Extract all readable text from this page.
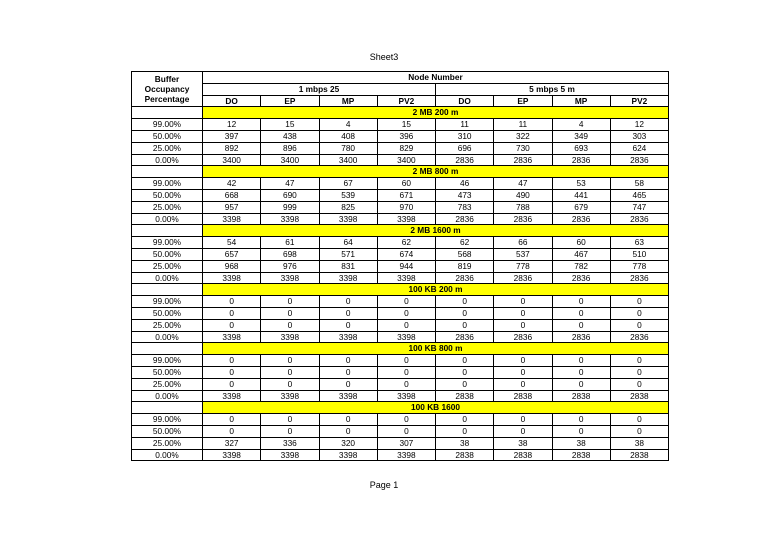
Sheet3
Buffer Occupancy Percentage	Node Number							
	1 mbps 25				5 mbps 5 m			
	DO	EP	MP	PV2	DO	EP	MP	PV2
	2 MB 200 m							
99.00%	12	15	4	15	11	11	4	12
50.00%	397	438	408	396	310	322	349	303
25.00%	892	896	780	829	696	730	693	624
0.00%	3400	3400	3400	3400	2836	2836	2836	2836
	2 MB 800 m							
99.00%	42	47	67	60	46	47	53	58
50.00%	668	690	539	671	473	490	441	465
25.00%	957	999	825	970	783	788	679	747
0.00%	3398	3398	3398	3398	2836	2836	2836	2836
	2 MB 1600 m							
99.00%	54	61	64	62	62	66	60	63
50.00%	657	698	571	674	568	537	467	510
25.00%	968	976	831	944	819	778	782	778
0.00%	3398	3398	3398	3398	2836	2836	2836	2836
	100 KB 200 m							
99.00%	0	0	0	0	0	0	0	0
50.00%	0	0	0	0	0	0	0	0
25.00%	0	0	0	0	0	0	0	0
0.00%	3398	3398	3398	3398	2836	2836	2836	2836
	100 KB 800 m							
99.00%	0	0	0	0	0	0	0	0
50.00%	0	0	0	0	0	0	0	0
25.00%	0	0	0	0	0	0	0	0
0.00%	3398	3398	3398	3398	2838	2838	2838	2838
	100 KB 1600							
99.00%	0	0	0	0	0	0	0	0
50.00%	0	0	0	0	0	0	0	0
25.00%	327	336	320	307	38	38	38	38
0.00%	3398	3398	3398	3398	2838	2838	2838	2838
Page 1
